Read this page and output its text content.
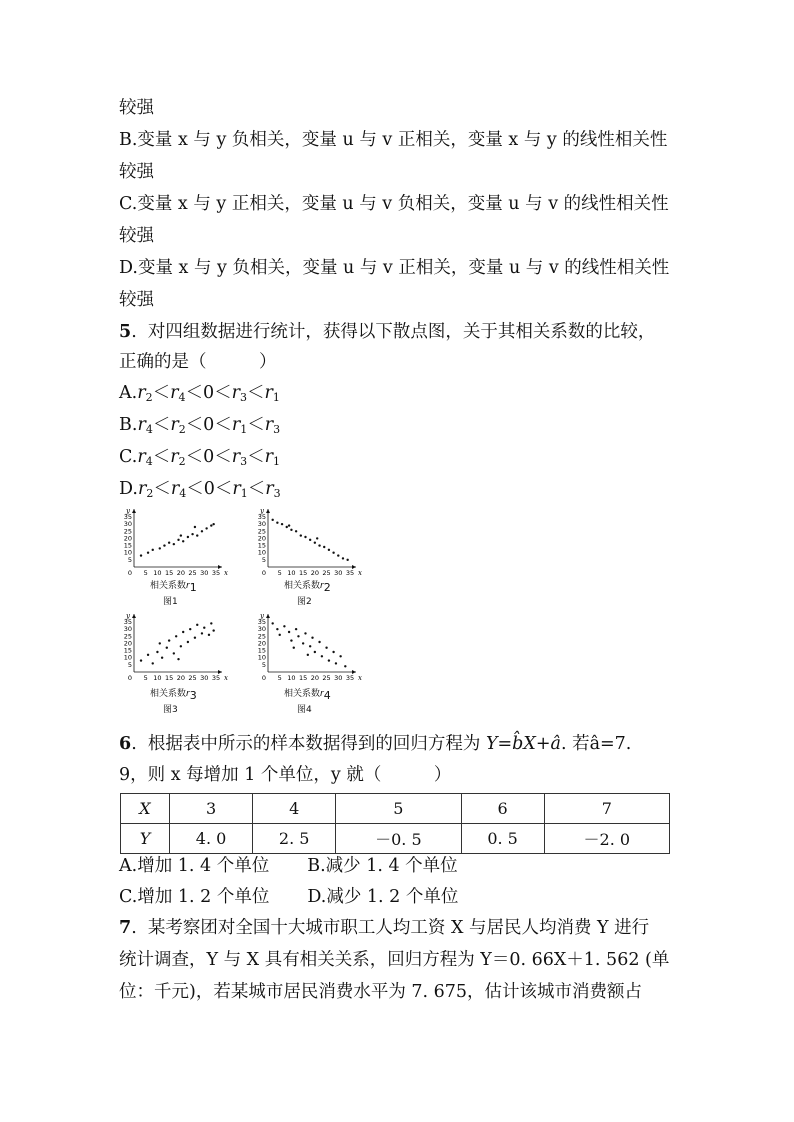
较强
B.变量 x 与 y 负相关，变量 u 与 v 正相关，变量 x 与 y 的线性相关性
较强
C.变量 x 与 y 正相关，变量 u 与 v 负相关，变量 u 与 v 的线性相关性
较强
D.变量 x 与 y 负相关，变量 u 与 v 正相关，变量 u 与 v 的线性相关性
较强
5.  对四组数据进行统计，获得以下散点图，关于其相关系数的比较，
正确的是（　　　）
$A.r_2<r_4<0<r_3<r_1$
$B.r_4<r_2<0<r_1<r_3$
$C.r_4<r_2<0<r_3<r_1$
$D.r_2<r_4<0<r_1<r_3$
y
x
5
10
15
20
25
30
35
0 5 10 15 20 25 30 35
y
x
5
10
15
20
25
30
35
0 5 10 15 20 25 30 35
y
x
5
10
15
20
25
30
35
0 5 10 15 20 25 30 35
y
x
5
10
15
20
25
30
35
0 5 10 15 20 25 30 35
相关系数$r_1$
图1
相关系数$r_2$
图2
相关系数$r_3$
图3
相关系数$r_4$
图4
6.  根据表中所示的样本数据得到的回归方程为 Y=b̂X+â. 若â=7.
9，则 x 每增加 1 个单位，y 就（　　　）
X	3	4	5	6	7
Y	4. 0	2. 5	－0. 5	0. 5	－2. 0
A.增加 1. 4 个单位 B.减少 1. 4 个单位
C.增加 1. 2 个单位 D.减少 1. 2 个单位
7.  某考察团对全国十大城市职工人均工资 X 与居民人均消费 Y 进行
统计调查，Y 与 X 具有相关关系，回归方程为 Y＝0. 66X＋1. 562 (单
位：千元)，若某城市居民消费水平为 7. 675，估计该城市消费额占
